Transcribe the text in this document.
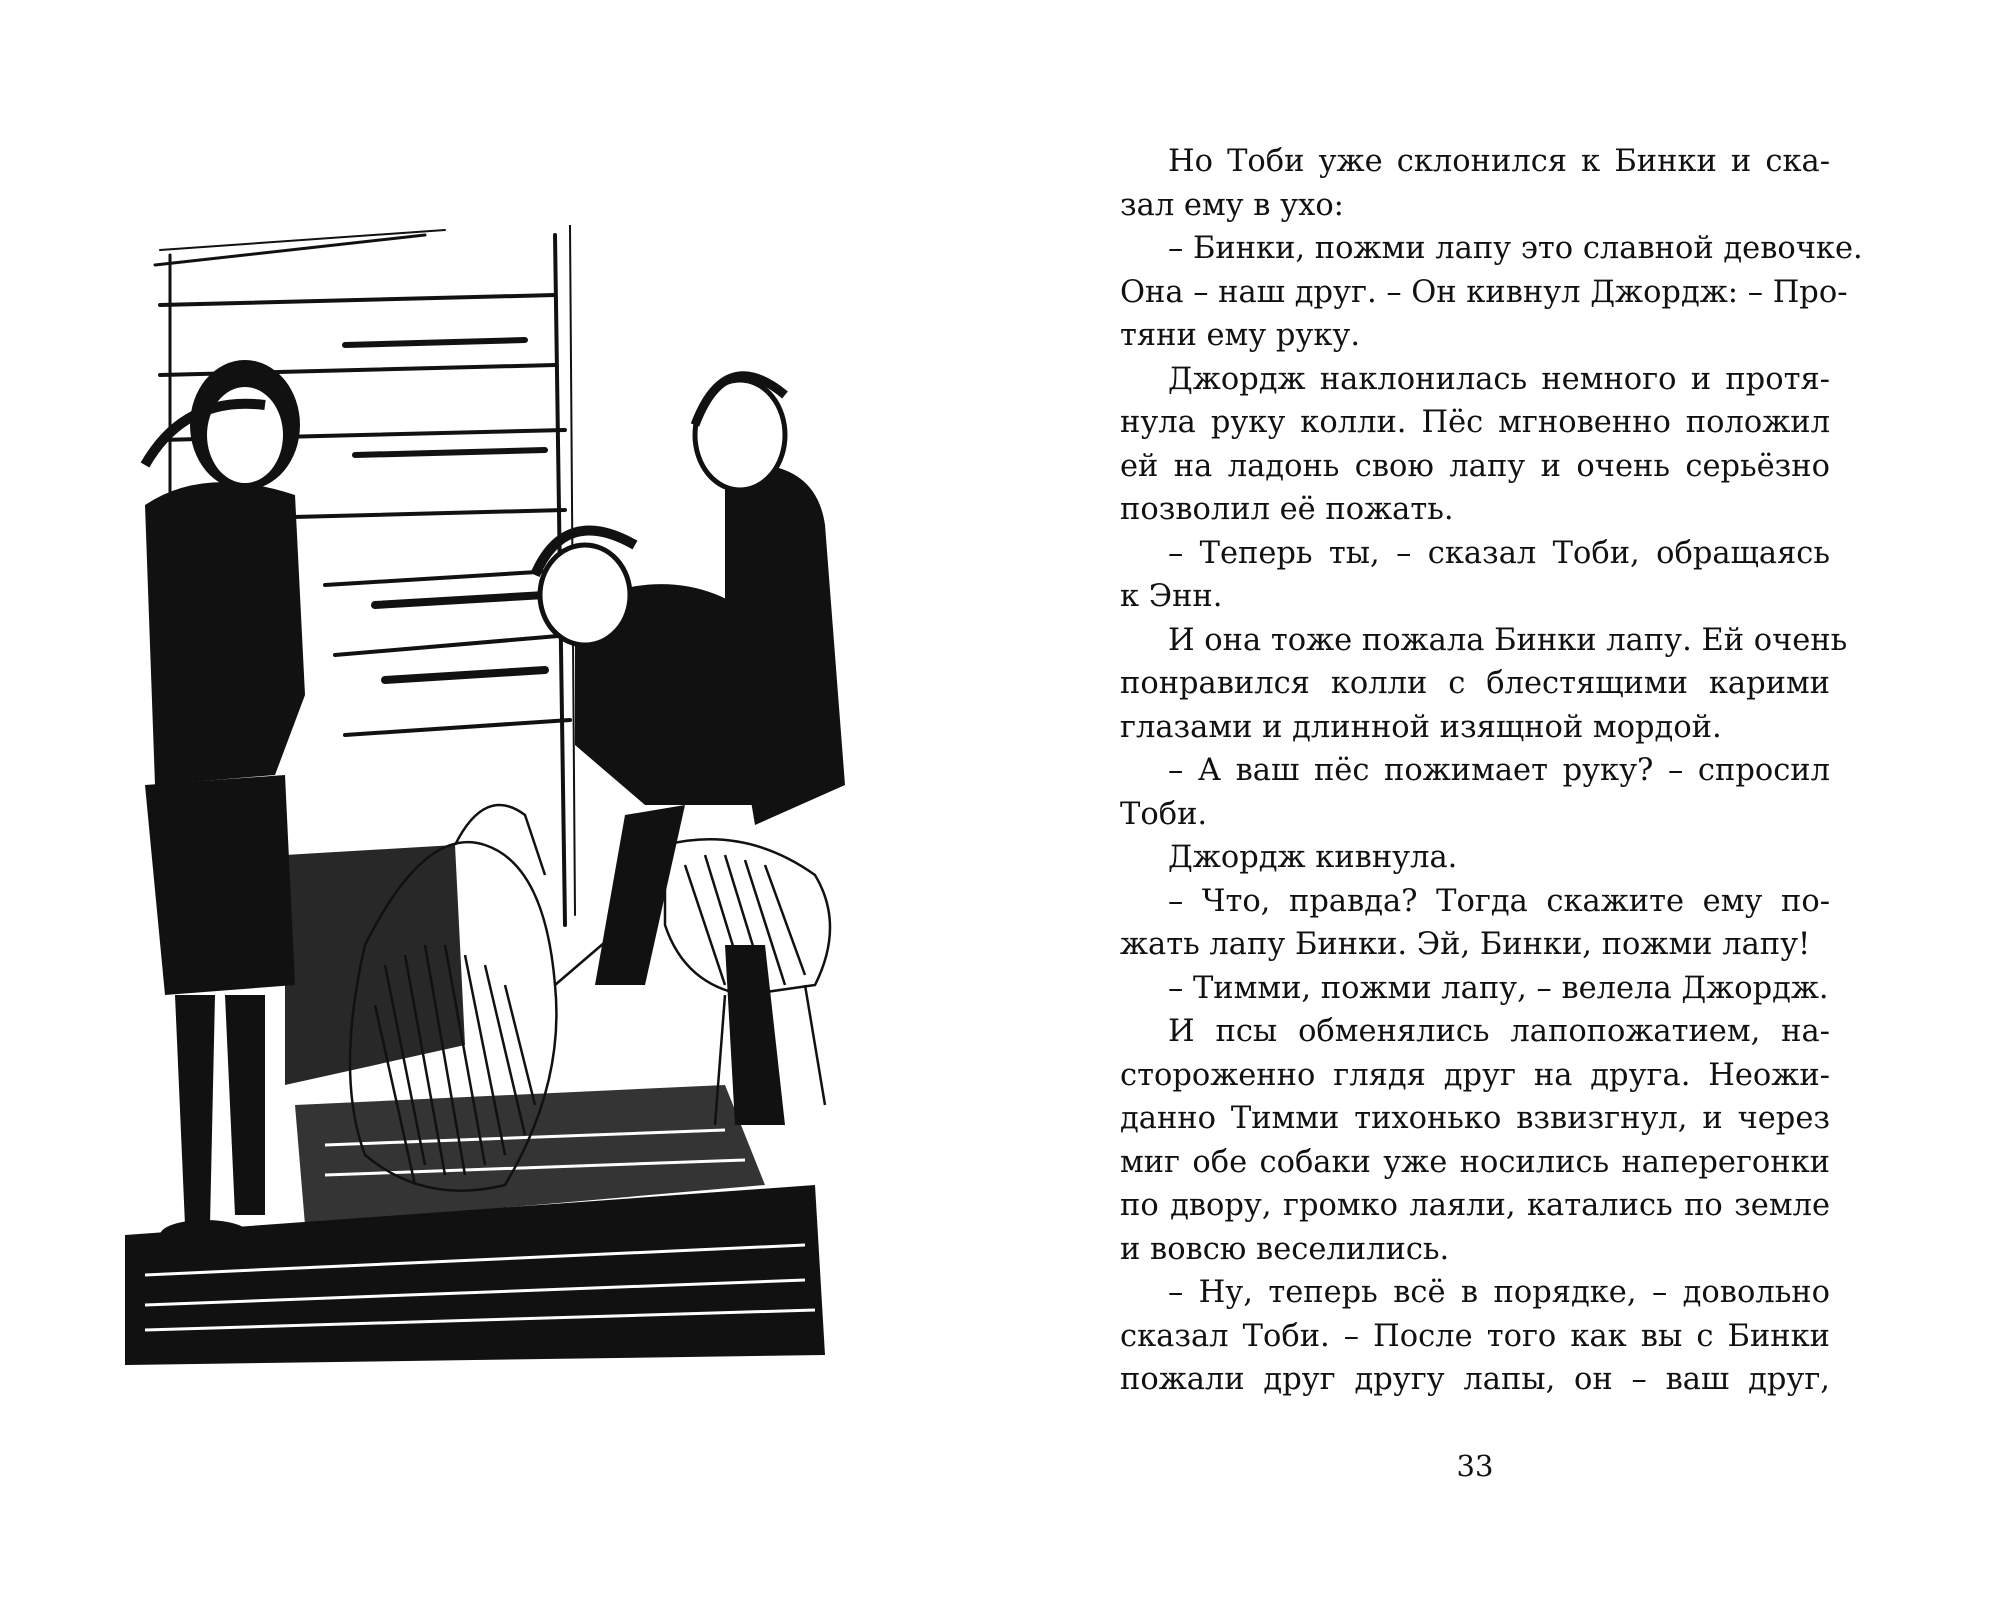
Но Тоби уже склонился к Бинки и ска-
зал ему в ухо:
– Бинки, пожми лапу это славной девочке.
Она – наш друг. – Он кивнул Джордж: – Про-
тяни ему руку.
Джордж наклонилась немного и протя-
нула руку колли. Пёс мгновенно положил
ей на ладонь свою лапу и очень серьёзно
позволил её пожать.
– Теперь ты, – сказал Тоби, обращаясь
к Энн.
И она тоже пожала Бинки лапу. Ей очень
понравился колли с блестящими карими
глазами и длинной изящной мордой.
– А ваш пёс пожимает руку? – спросил
Тоби.
Джордж кивнула.
– Что, правда? Тогда скажите ему по-
жать лапу Бинки. Эй, Бинки, пожми лапу!
– Тимми, пожми лапу, – велела Джордж.
И псы обменялись лапопожатием, на-
стороженно глядя друг на друга. Неожи-
данно Тимми тихонько взвизгнул, и через
миг обе собаки уже носились наперегонки
по двору, громко лаяли, катались по земле
и вовсю веселились.
– Ну, теперь всё в порядке, – довольно
сказал Тоби. – После того как вы с Бинки
пожали друг другу лапы, он – ваш друг,
33
